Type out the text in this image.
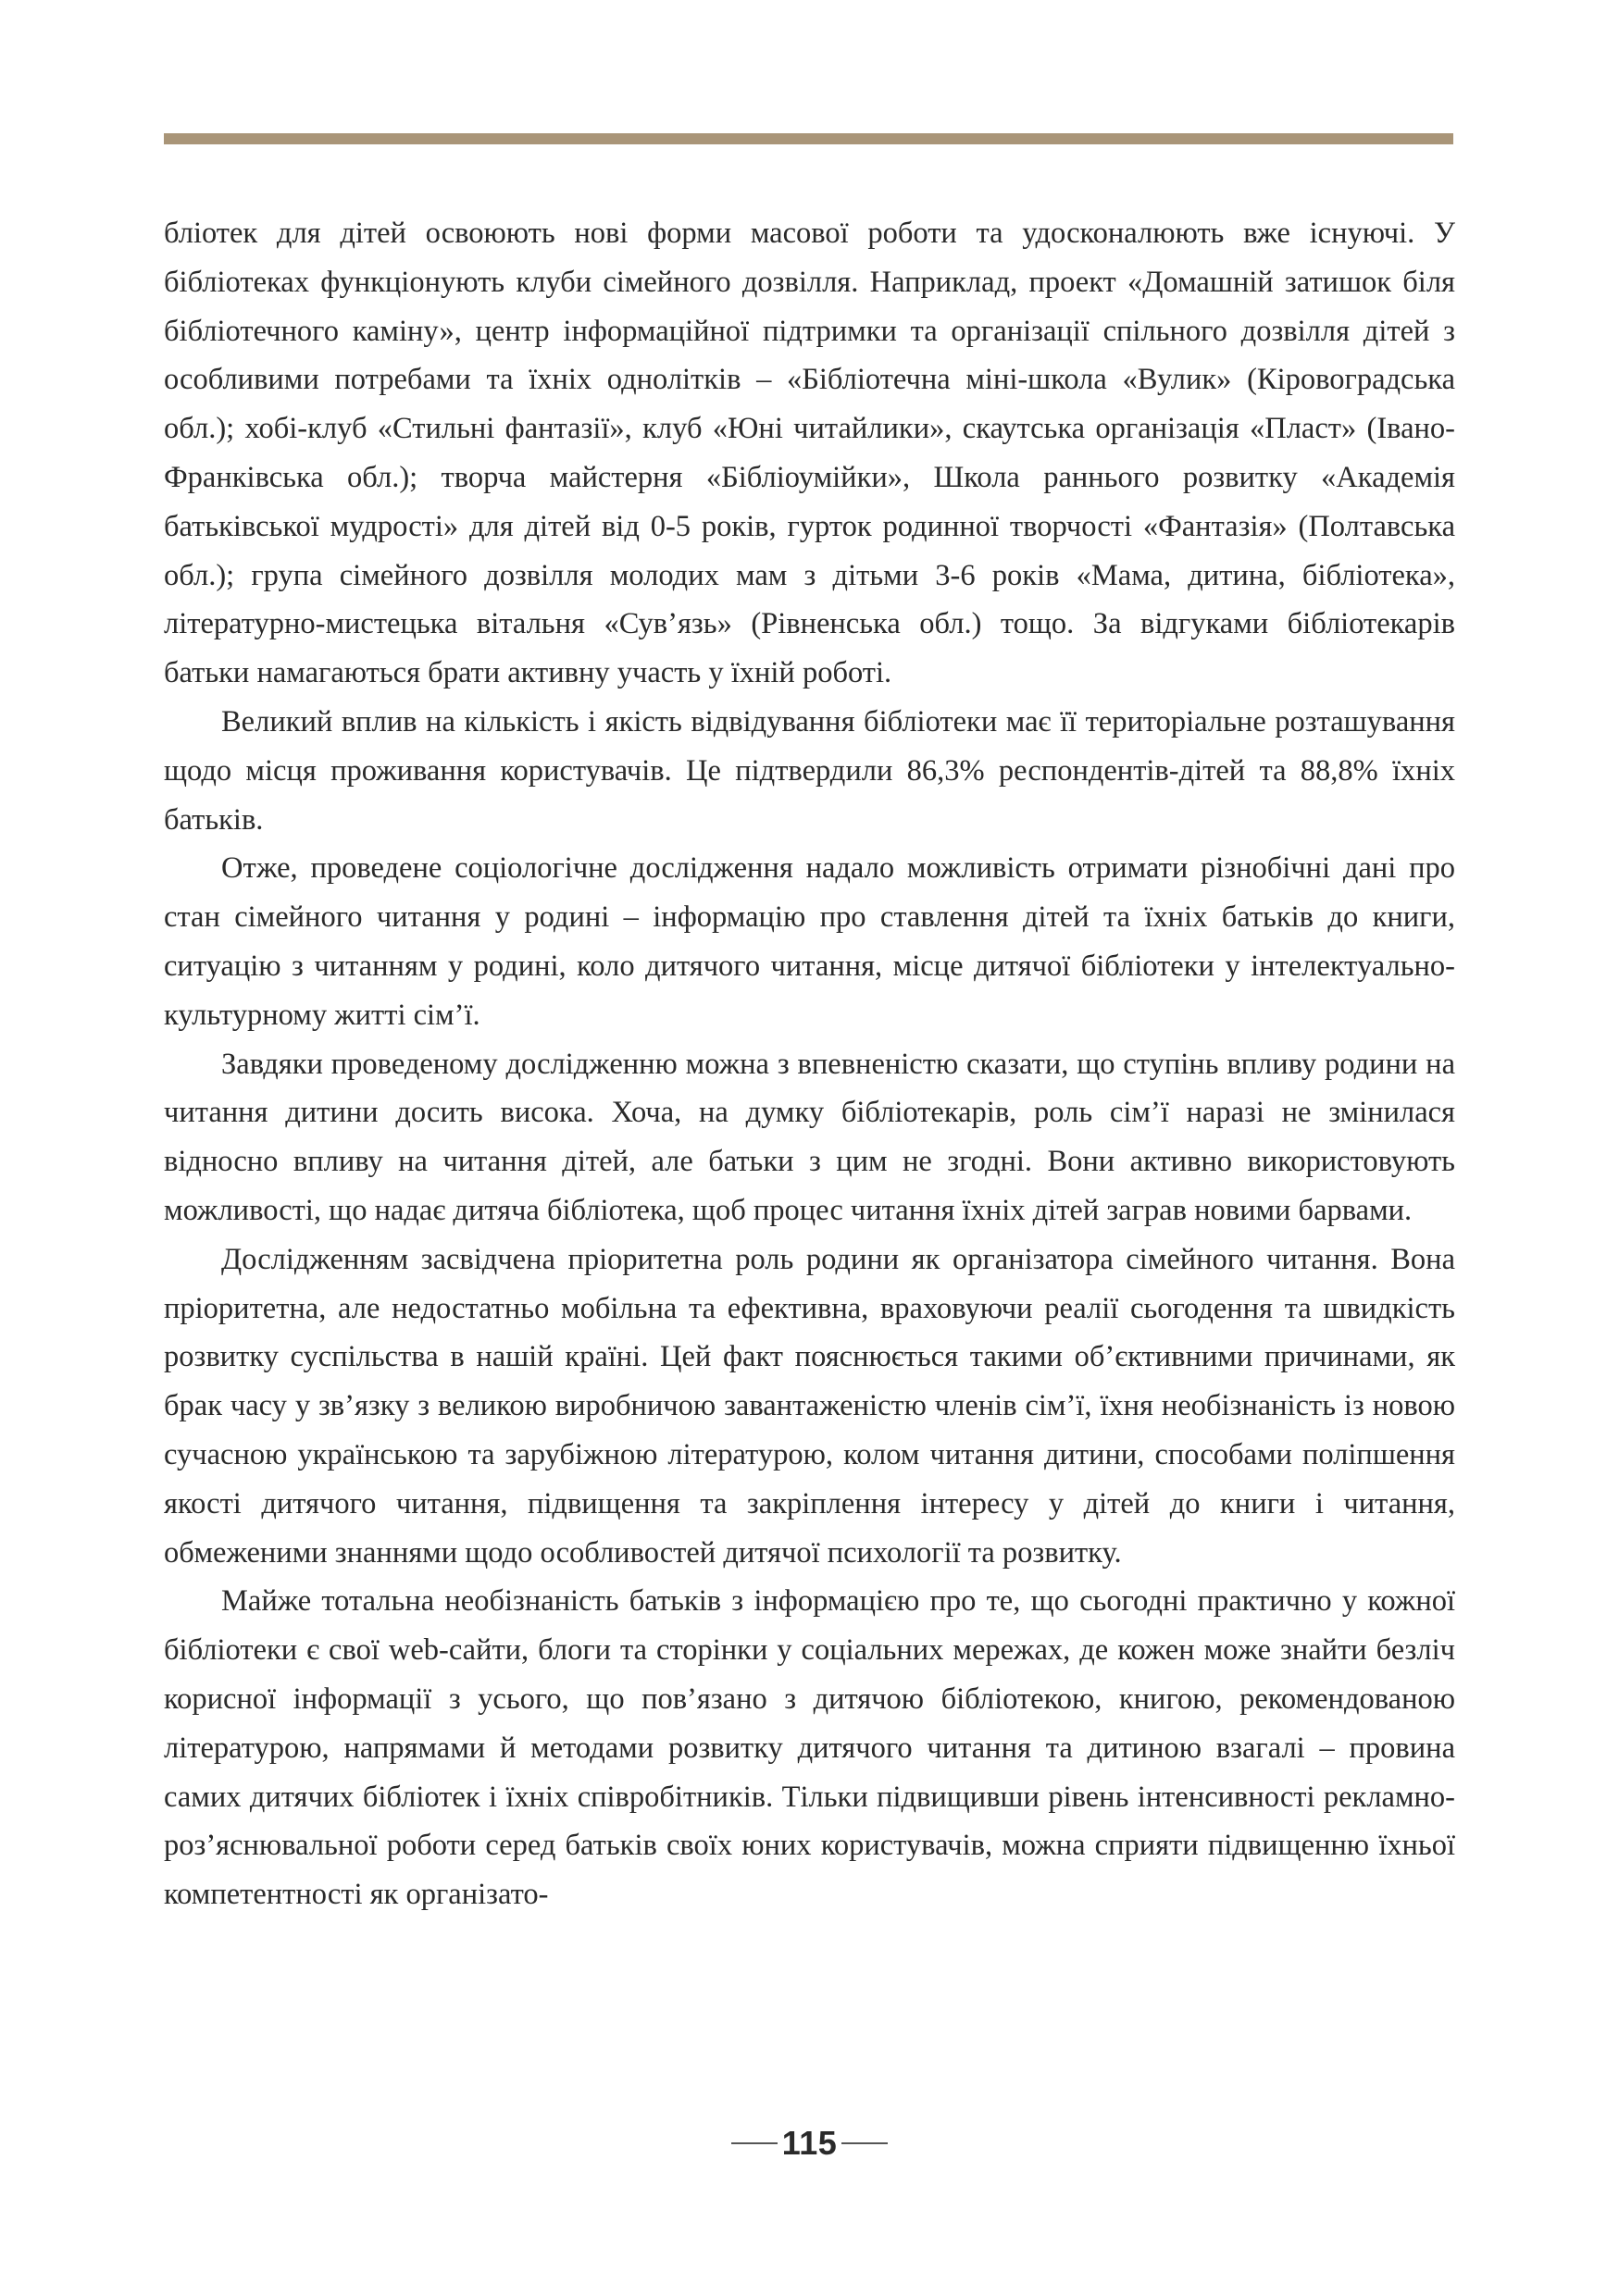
бліотек для дітей освоюють нові форми масової роботи та удосконалюють вже існуючі. У бібліотеках функціонують клуби сімейного дозвілля. Наприклад, проект «Домашній затишок біля бібліотечного каміну», центр інформаційної підтримки та організації спільного дозвілля дітей з особливими потребами та їхніх однолітків – «Бібліотечна міні-школа «Вулик» (Кіровоградська обл.); хобі-клуб «Стильні фантазії», клуб «Юні читайлики», скаутська організація «Пласт» (Івано-Франківська обл.); творча майстерня «Бібліоумійки», Школа раннього розвитку «Академія батьківської мудрості» для дітей від 0-5 років, гурток родинної творчості «Фантазія» (Полтавська обл.); група сімейного дозвілля молодих мам з дітьми 3-6 років «Мама, дитина, бібліотека», літературно-мистецька вітальня «Сув’язь» (Рівненська обл.) тощо. За відгуками бібліотекарів батьки намагаються брати активну участь у їхній роботі.

Великий вплив на кількість і якість відвідування бібліотеки має її територіальне розташування щодо місця проживання користувачів. Це підтвердили 86,3% респондентів-дітей та 88,8% їхніх батьків.

Отже, проведене соціологічне дослідження надало можливість отримати різнобічні дані про стан сімейного читання у родині – інформацію про ставлення дітей та їхніх батьків до книги, ситуацію з читанням у родині, коло дитячого читання, місце дитячої бібліотеки у інтелектуально-культурному житті сім’ї.

Завдяки проведеному дослідженню можна з впевненістю сказати, що ступінь впливу родини на читання дитини досить висока. Хоча, на думку бібліотекарів, роль сім’ї наразі не змінилася відносно впливу на читання дітей, але батьки з цим не згодні. Вони активно використовують можливості, що надає дитяча бібліотека, щоб процес читання їхніх дітей заграв новими барвами.

Дослідженням засвідчена пріоритетна роль родини як організатора сімейного читання. Вона пріоритетна, але недостатньо мобільна та ефективна, враховуючи реалії сьогодення та швидкість розвитку суспільства в нашій країні. Цей факт пояснюється такими об’єктивними причинами, як брак часу у зв’язку з великою виробничою завантаженістю членів сім’ї, їхня необізнаність із новою сучасною українською та зарубіжною літературою, колом читання дитини, способами поліпшення якості дитячого читання, підвищення та закріплення інтересу у дітей до книги і читання, обмеженими знаннями щодо особливостей дитячої психології та розвитку.

Майже тотальна необізнаність батьків з інформацією про те, що сьогодні практично у кожної бібліотеки є свої web-сайти, блоги та сторінки у соціальних мережах, де кожен може знайти безліч корисної інформації з усього, що пов’язано з дитячою бібліотекою, книгою, рекомендованою літературою, напрямами й методами розвитку дитячого читання та дитиною взагалі – провина самих дитячих бібліотек і їхніх співробітників. Тільки підвищивши рівень інтенсивності рекламно-роз’яснювальної роботи серед батьків своїх юних користувачів, можна сприяти підвищенню їхньої компетентності як організато-

115
